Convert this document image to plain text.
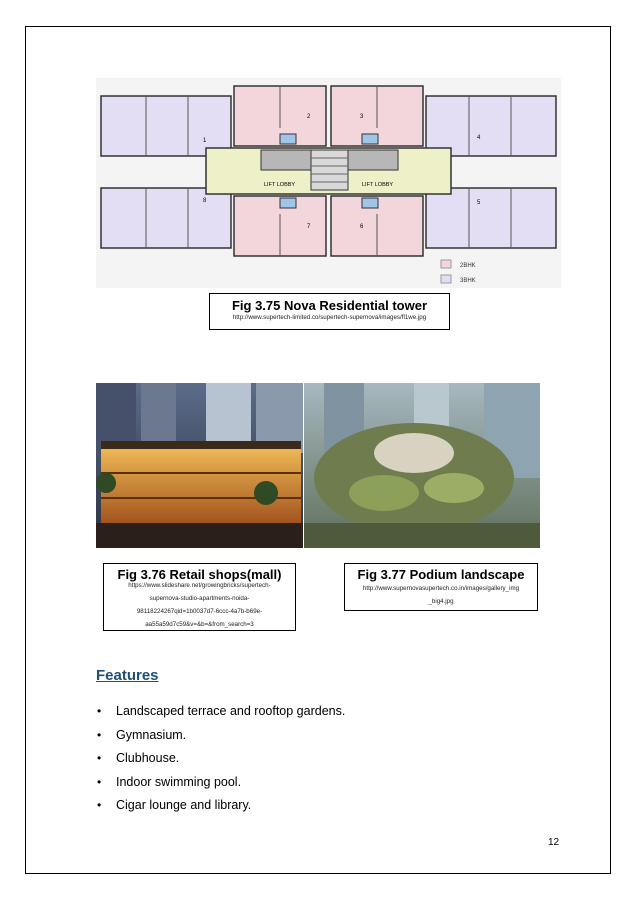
1
2	3
4
5
6
7
8
LIFT LOBBY	LIFT LOBBY
2BHK
3BHK
Fig 3.75 Nova Residential tower
http://www.supertech-limited.co/supertech-supernova/images/fl1we.jpg
Fig 3.76 Retail shops(mall)
https://www.slideshare.net/growingbricks/supertech-
supernova-studio-apartments-noida-
98118224267qid=1b0037d7-6ccc-4a7b-b69e-
aa55a59d7c59&v=&b=&from_search=3
Fig 3.77 Podium landscape
http://www.supernovasupertech.co.in/images/gallery_img
_big4.jpg
Features
• Landscaped terrace and rooftop gardens.
• Gymnasium.
• Clubhouse.
• Indoor swimming pool.
• Cigar lounge and library.
12
